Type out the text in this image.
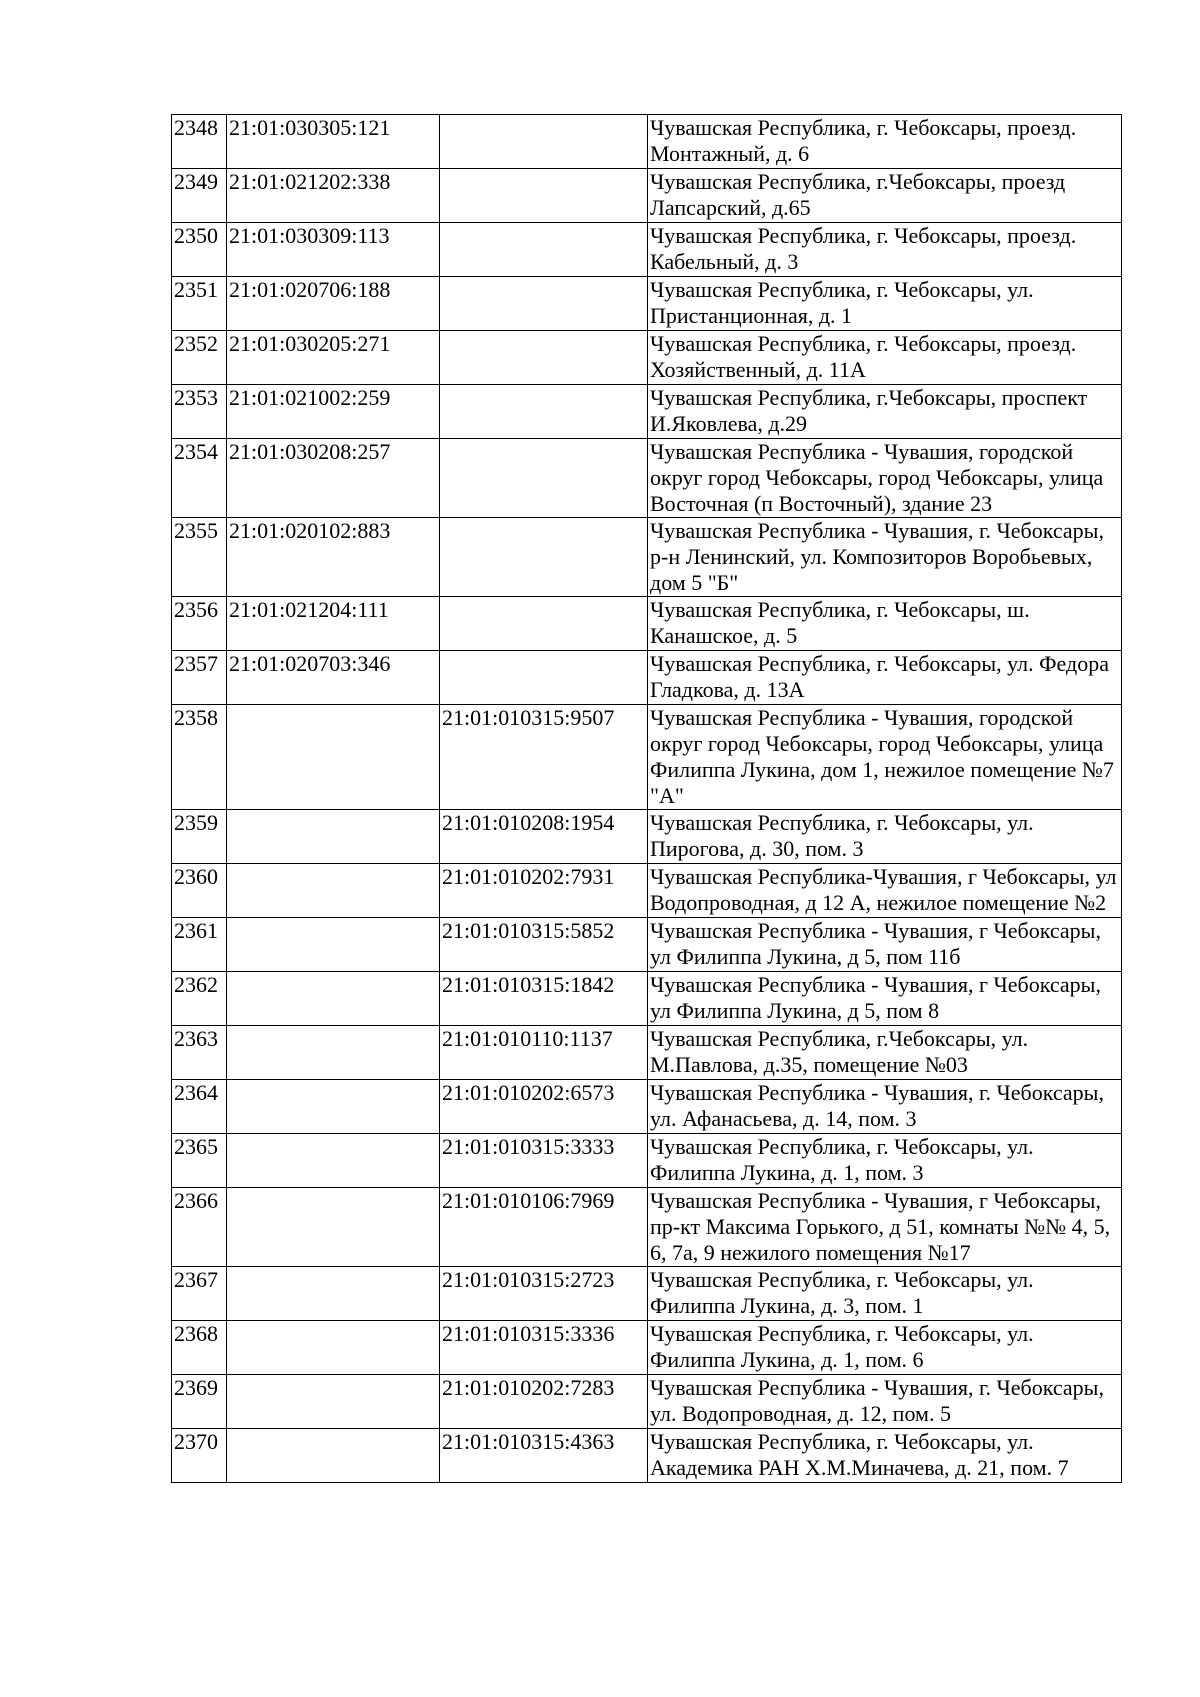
2348	21:01:030305:121		Чувашская Республика, г. Чебоксары, проезд. Монтажный, д. 6
2349	21:01:021202:338		Чувашская Республика, г.Чебоксары, проезд Лапсарский, д.65
2350	21:01:030309:113		Чувашская Республика, г. Чебоксары, проезд. Кабельный, д. 3
2351	21:01:020706:188		Чувашская Республика, г. Чебоксары, ул. Пристанционная, д. 1
2352	21:01:030205:271		Чувашская Республика, г. Чебоксары, проезд. Хозяйственный, д. 11А
2353	21:01:021002:259		Чувашская Республика, г.Чебоксары, проспект И.Яковлева, д.29
2354	21:01:030208:257		Чувашская Республика - Чувашия, городской округ город Чебоксары, город Чебоксары, улица Восточная (п Восточный), здание 23
2355	21:01:020102:883		Чувашская Республика - Чувашия, г. Чебоксары, р-н Ленинский, ул. Композиторов Воробьевых, дом 5 "Б"
2356	21:01:021204:111		Чувашская Республика, г. Чебоксары, ш. Канашское, д. 5
2357	21:01:020703:346		Чувашская Республика, г. Чебоксары, ул. Федора Гладкова, д. 13А
2358		21:01:010315:9507	Чувашская Республика - Чувашия, городской округ город Чебоксары, город Чебоксары, улица Филиппа Лукина, дом 1, нежилое помещение №7 "А"
2359		21:01:010208:1954	Чувашская Республика, г. Чебоксары, ул. Пирогова, д. 30, пом. 3
2360		21:01:010202:7931	Чувашская Республика-Чувашия, г Чебоксары, ул Водопроводная, д 12 А, нежилое помещение №2
2361		21:01:010315:5852	Чувашская Республика - Чувашия, г Чебоксары, ул Филиппа Лукина, д 5, пом 11б
2362		21:01:010315:1842	Чувашская Республика - Чувашия, г Чебоксары, ул Филиппа Лукина, д 5, пом 8
2363		21:01:010110:1137	Чувашская Республика, г.Чебоксары, ул. М.Павлова, д.35, помещение №03
2364		21:01:010202:6573	Чувашская Республика - Чувашия, г. Чебоксары, ул. Афанасьева, д. 14, пом. 3
2365		21:01:010315:3333	Чувашская Республика, г. Чебоксары, ул. Филиппа Лукина, д. 1, пом. 3
2366		21:01:010106:7969	Чувашская Республика - Чувашия, г Чебоксары, пр-кт Максима Горького, д 51, комнаты №№ 4, 5, 6, 7а, 9 нежилого помещения №17
2367		21:01:010315:2723	Чувашская Республика, г. Чебоксары, ул. Филиппа Лукина, д. 3, пом. 1
2368		21:01:010315:3336	Чувашская Республика, г. Чебоксары, ул. Филиппа Лукина, д. 1, пом. 6
2369		21:01:010202:7283	Чувашская Республика - Чувашия, г. Чебоксары, ул. Водопроводная, д. 12, пом. 5
2370		21:01:010315:4363	Чувашская Республика, г. Чебоксары, ул. Академика РАН Х.М.Миначева, д. 21, пом. 7
